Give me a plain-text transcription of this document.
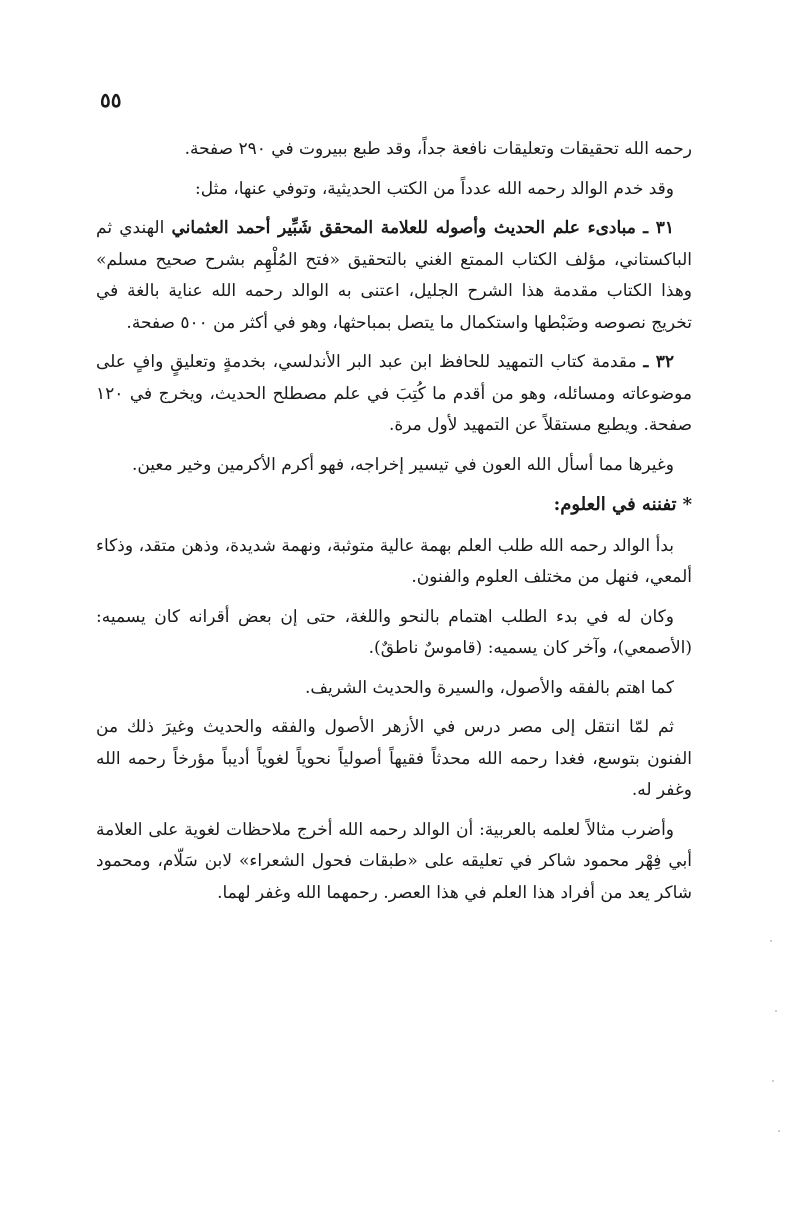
٥٥

رحمه الله تحقيقات وتعليقات نافعة جداً، وقد طبع ببيروت في ٢٩٠ صفحة.

وقد خدم الوالد رحمه الله عدداً من الكتب الحديثية، وتوفي عنها، مثل:

٣١ ـ مبادىء علم الحديث وأصوله للعلامة المحقق شَبِّير أحمد العثماني الهندي ثم الباكستاني، مؤلف الكتاب الممتع الغني بالتحقيق «فتح المُلْهِم بشرح صحيح مسلم» وهذا الكتاب مقدمة هذا الشرح الجليل، اعتنى به الوالد رحمه الله عناية بالغة في تخريج نصوصه وضَبْطها واستكمال ما يتصل بمباحثها، وهو في أكثر من ٥٠٠ صفحة.

٣٢ ـ مقدمة كتاب التمهيد للحافظ ابن عبد البر الأندلسي، بخدمةٍ وتعليقٍ وافٍ على موضوعاته ومسائله، وهو من أقدم ما كُتِبَ في علم مصطلح الحديث، ويخرج في ١٢٠ صفحة. ويطبع مستقلاً عن التمهيد لأول مرة.

وغيرها مما أسأل الله العون في تيسير إخراجه، فهو أكرم الأكرمين وخير معين.

*تفننه في العلوم:

بدأ الوالد رحمه الله طلب العلم بهمة عالية متوثبة، ونهمة شديدة، وذهن متقد، وذكاء ألمعي، فنهل من مختلف العلوم والفنون.

وكان له في بدء الطلب اهتمام بالنحو واللغة، حتى إن بعض أقرانه كان يسميه: (الأصمعي)، وآخر كان يسميه: (قاموسٌ ناطقٌ).

كما اهتم بالفقه والأصول، والسيرة والحديث الشريف.

ثم لمّا انتقل إلى مصر درس في الأزهر الأصول والفقه والحديث وغيرَ ذلك من الفنون بتوسع، فغدا رحمه الله محدثاً فقيهاً أصولياً نحوياً لغوياً أديباً مؤرخاً رحمه الله وغفر له.

وأضرب مثالاً لعلمه بالعربية: أن الوالد رحمه الله أخرج ملاحظات لغوية على العلامة أبي فِهْر محمود شاكر في تعليقه على «طبقات فحول الشعراء» لابن سَلّام، ومحمود شاكر يعد من أفراد هذا العلم في هذا العصر. رحمهما الله وغفر لهما.
